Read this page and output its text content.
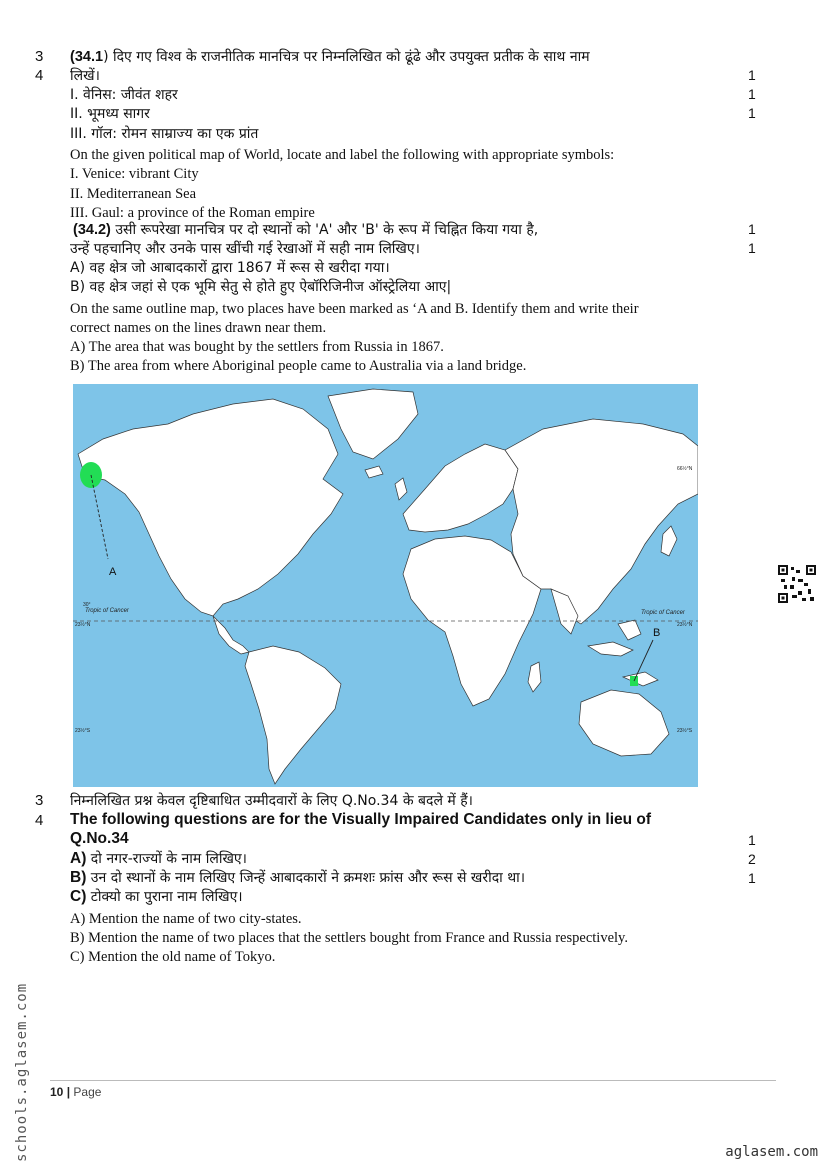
3
4
(34.1) दिए गए विश्व के राजनीतिक मानचित्र पर निम्नलिखित को ढूंढे और उपयुक्त प्रतीक के साथ नाम
लिखें।	1
I. वेनिस: जीवंत शहर	1
II. भूमध्य सागर	1
III. गॉल: रोमन साम्राज्य का एक प्रांत
On the given political map of World, locate and label the following with appropriate symbols:
I. Venice: vibrant City
II. Mediterranean Sea
III. Gaul: a province of the Roman empire
(34.2) उसी रूपरेखा मानचित्र पर दो स्थानों को 'A' और 'B' के रूप में चिह्नित किया गया है,	1
उन्हें पहचानिए और उनके पास खींची गई रेखाओं में सही नाम लिखिए।	1
A) वह क्षेत्र जो आबादकारों द्वारा 1867 में रूस से खरीदा गया।
B) वह क्षेत्र जहां से एक भूमि सेतु से होते हुए ऐबॉरिजिनीज ऑस्ट्रेलिया आए|
On the same outline map, two places have been marked as ‘A and B. Identify them and write their
correct names on the lines drawn near them.
A) The area that was bought by the settlers from Russia in 1867.
B) The area from where Aboriginal people came to Australia via a land bridge.
Tropic of Cancer	Tropic of Cancer
23½°N	23½°N
23½°S	23½°S
66½°N
30°
A
B
3
4
निम्नलिखित प्रश्न केवल दृष्टिबाधित उम्मीदवारों के लिए Q.No.34 के बदले में हैं।
The following questions are for the Visually Impaired Candidates only in lieu of
Q.No.34	1
A) दो नगर-राज्यों के नाम लिखिए।	2
B) उन दो स्थानों के नाम लिखिए जिन्हें आबादकारों ने क्रमशः फ्रांस और रूस से खरीदा था।	1
C) टोक्यो का पुराना नाम लिखिए।
A) Mention the name of two city-states.
B) Mention the name of two places that the settlers bought from France and Russia respectively.
C) Mention the old name of Tokyo.
10 | Page
schools.aglasem.com	aglasem.com
